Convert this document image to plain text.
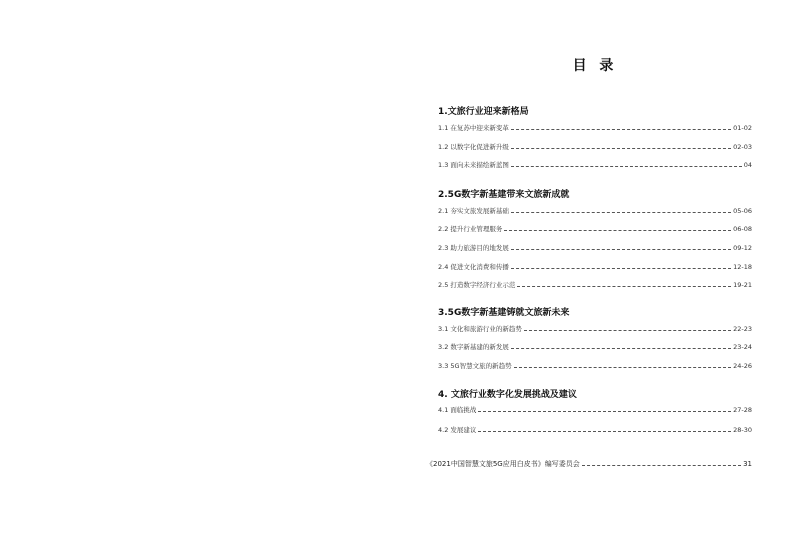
目 录
1.文旅行业迎来新格局
1.1 在复苏中迎来新变革	01-02
1.2 以数字化促进新升级	02-03
1.3 面向未来描绘新蓝图	04
2.5G数字新基建带来文旅新成就
2.1 夯实文旅发展新基础	05-06
2.2 提升行业管理服务	06-08
2.3 助力旅游目的地发展	09-12
2.4 促进文化消费和传播	12-18
2.5 打造数字经济行业示范	19-21
3.5G数字新基建铸就文旅新未来
3.1 文化和旅游行业的新趋势	22-23
3.2 数字新基建的新发展	23-24
3.3 5G智慧文旅的新趋势	24-26
4. 文旅行业数字化发展挑战及建议
4.1 面临挑战	27-28
4.2 发展建议	28-30
《2021中国智慧文旅5G应用白皮书》编写委员会	31
